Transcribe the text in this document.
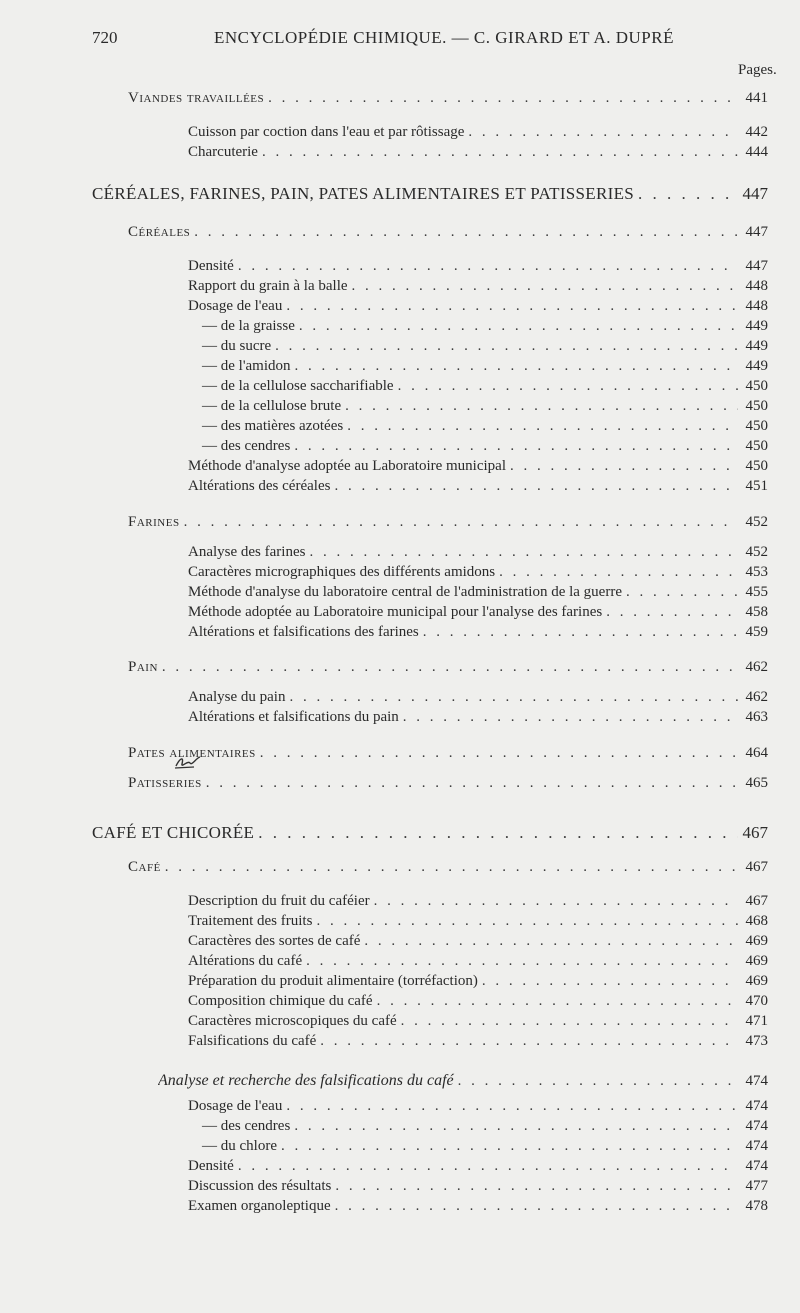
720	ENCYCLOPÉDIE CHIMIQUE. — C. GIRARD ET A. DUPRÉ
Pages.
Viandes travaillées . . .	441
Cuisson par coction dans l'eau et par rôtissage . . .	442
Charcuterie . . .	444
CÉRÉALES, FARINES, PAIN, PATES ALIMENTAIRES ET PATISSERIES . . .	447
Céréales . . .	447
Densité . . .	447
Rapport du grain à la balle . . .	448
Dosage de l'eau . . .	448
— de la graisse . . .	449
— du sucre . . .	449
— de l'amidon . . .	449
— de la cellulose saccharifiable . . .	450
— de la cellulose brute . . .	450
— des matières azotées . . .	450
— des cendres . . .	450
Méthode d'analyse adoptée au Laboratoire municipal . . .	450
Altérations des céréales . . .	451
Farines . . .	452
Analyse des farines . . .	452
Caractères micrographiques des différents amidons . . .	453
Méthode d'analyse du laboratoire central de l'administration de la guerre . . .	455
Méthode adoptée au Laboratoire municipal pour l'analyse des farines . . .	458
Altérations et falsifications des farines . . .	459
Pain . . .	462
Analyse du pain . . .	462
Altérations et falsifications du pain . . .	463
Pates alimentaires . . .	464
Patisseries . . .	465
CAFÉ ET CHICORÉE . . .	467
Café . . .	467
Description du fruit du caféier . . .	467
Traitement des fruits . . .	468
Caractères des sortes de café . . .	469
Altérations du café . . .	469
Préparation du produit alimentaire (torréfaction) . . .	469
Composition chimique du café . . .	470
Caractères microscopiques du café . . .	471
Falsifications du café . . .	473
Analyse et recherche des falsifications du café . . .	474
Dosage de l'eau . . .	474
— des cendres . . .	474
— du chlore . . .	474
Densité . . .	474
Discussion des résultats . . .	477
Examen organoleptique . . .	478
